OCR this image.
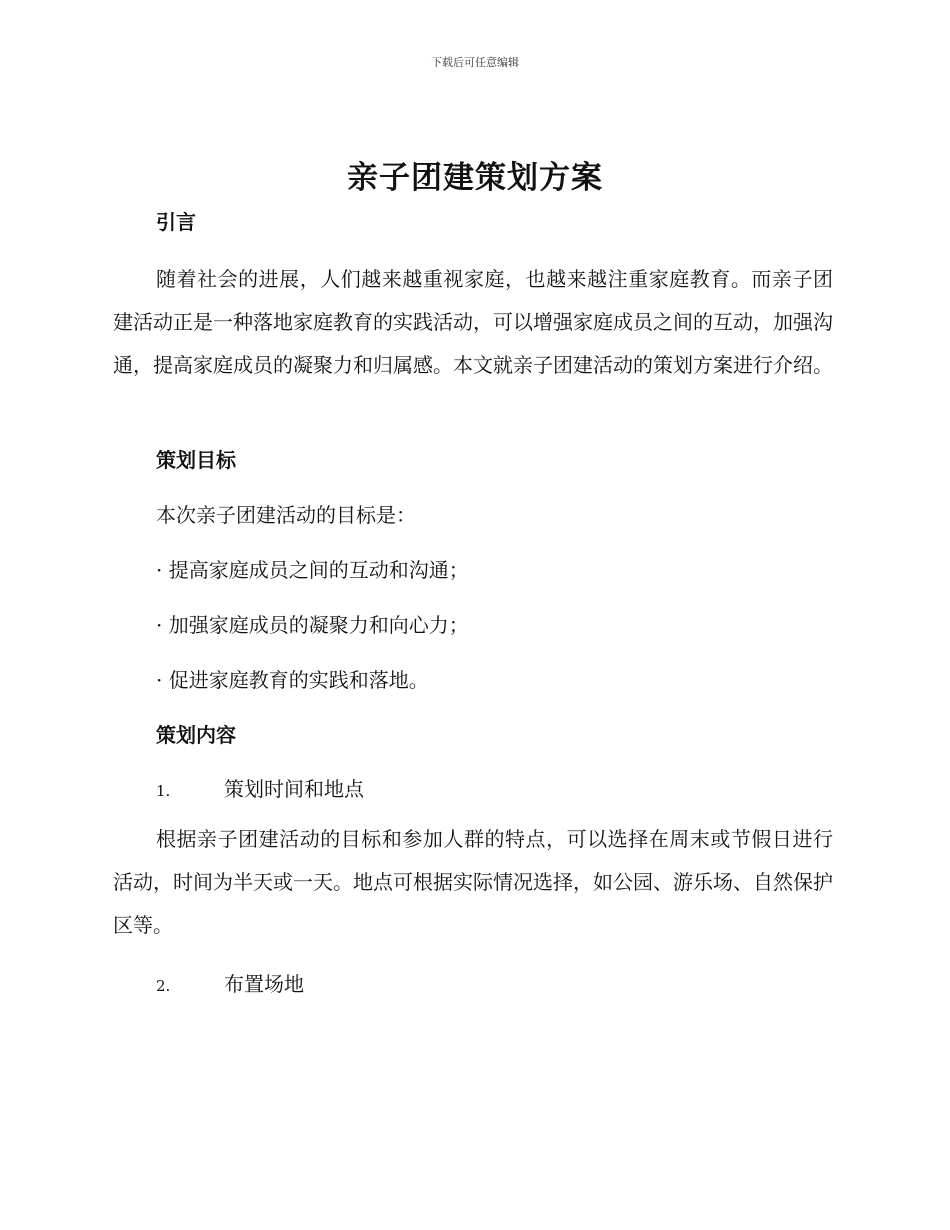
下载后可任意编辑
亲子团建策划方案
引言

随着社会的进展，人们越来越重视家庭，也越来越注重家庭教育。而亲子团建活动正是一种落地家庭教育的实践活动，可以增强家庭成员之间的互动，加强沟通，提高家庭成员的凝聚力和归属感。本文就亲子团建活动的策划方案进行介绍。

策划目标

本次亲子团建活动的目标是：

· 提高家庭成员之间的互动和沟通；

· 加强家庭成员的凝聚力和向心力；

· 促进家庭教育的实践和落地。

策划内容

1.	策划时间和地点

根据亲子团建活动的目标和参加人群的特点，可以选择在周末或节假日进行活动，时间为半天或一天。地点可根据实际情况选择，如公园、游乐场、自然保护区等。

2.	布置场地
